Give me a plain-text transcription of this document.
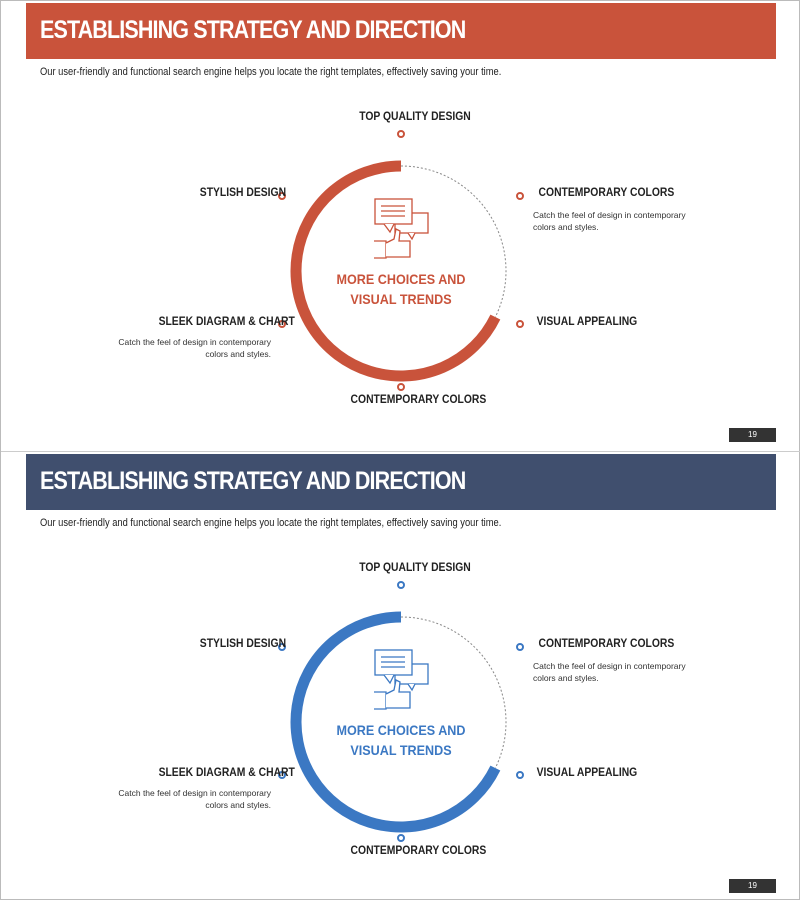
ESTABLISHING STRATEGY AND DIRECTION
Our user-friendly and functional search engine helps you locate the right templates, effectively saving your time.
MORE CHOICES AND
VISUAL TRENDS
TOP QUALITY DESIGN
STYLISH DESIGN	CONTEMPORARY COLORS
Catch the feel of design in contemporary colors and styles.
SLEEK DIAGRAM & CHART
Catch the feel of design in contemporary colors and styles.
VISUAL APPEALING
CONTEMPORARY COLORS
19
ESTABLISHING STRATEGY AND DIRECTION
Our user-friendly and functional search engine helps you locate the right templates, effectively saving your time.
MORE CHOICES AND
VISUAL TRENDS
TOP QUALITY DESIGN
STYLISH DESIGN	CONTEMPORARY COLORS
Catch the feel of design in contemporary colors and styles.
SLEEK DIAGRAM & CHART
Catch the feel of design in contemporary colors and styles.
VISUAL APPEALING
CONTEMPORARY COLORS
19
